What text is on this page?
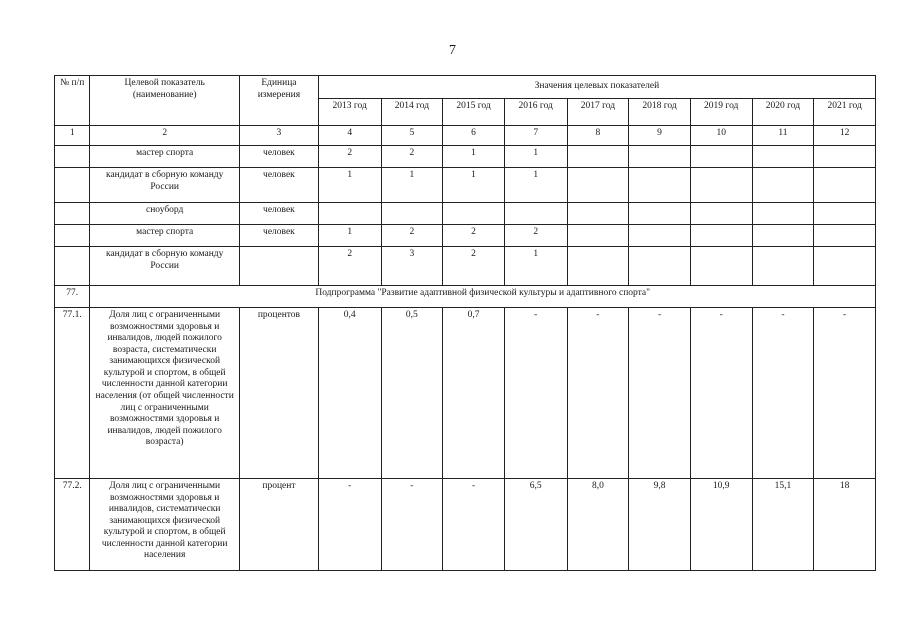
7
№ п/п	Целевой показатель (наименование)	Единица измерения	Значения целевых показателей								
			2013 год	2014 год	2015 год	2016 год	2017 год	2018 год	2019 год	2020 год	2021 год
1	2	3	4	5	6	7	8	9	10	11	12
	мастер спорта	человек	2	2	1	1					
	кандидат в сборную команду России	человек	1	1	1	1					
	сноуборд	человек									
	мастер спорта	человек	1	2	2	2					
	кандидат в сборную команду России		2	3	2	1					
77.	Подпрограмма "Развитие адаптивной физической культуры и адаптивного спорта"										
77.1.	Доля лиц с ограниченными возможностями здоровья и инвалидов, людей пожилого возраста, систематически занимающихся физической культурой и спортом, в общей численности данной категории населения (от общей численности лиц с ограниченными возможностями здоровья и инвалидов, людей пожилого возраста)	процентов	0,4	0,5	0,7	-	-	-	-	-	-
77.2.	Доля лиц с ограниченными возможностями здоровья и инвалидов, систематически занимающихся физической культурой и спортом, в общей численности данной категории населения	процент	-	-	-	6,5	8,0	9,8	10,9	15,1	18
